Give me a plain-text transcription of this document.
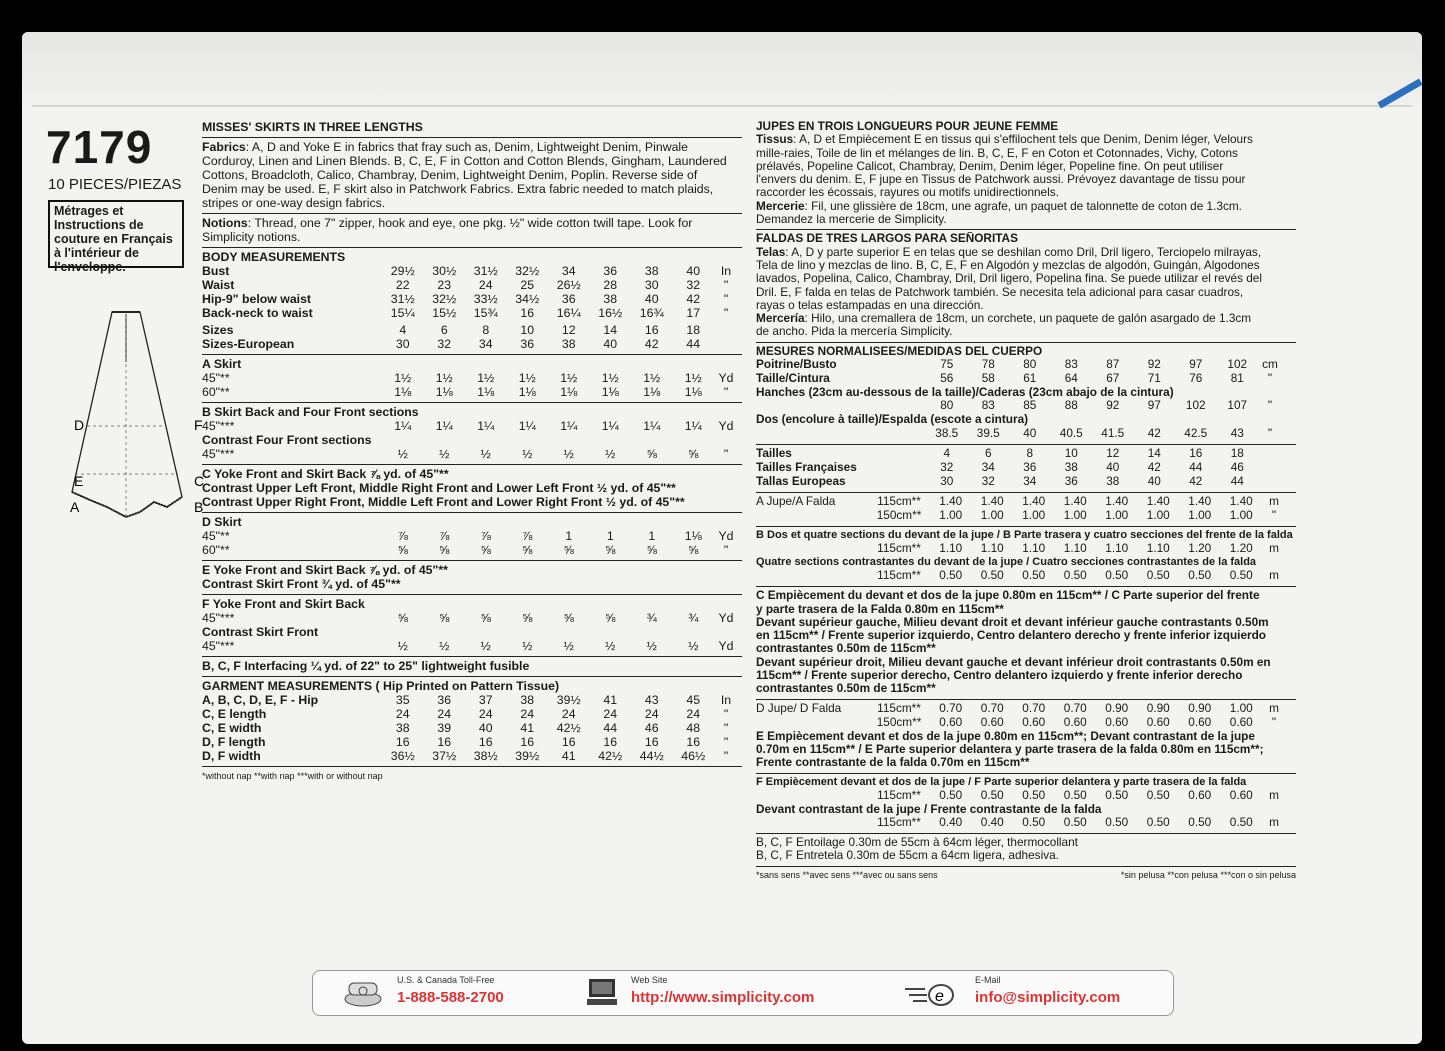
7179
10 PIECES/PIEZAS
Métrages et Instructions de couture en Français à l'intérieur de l'enveloppe.
D	F
E	C
A	B
MISSES' SKIRTS IN THREE LENGTHS
Fabrics: A, D and Yoke E in fabrics that fray such as, Denim, Lightweight Denim, Pinwale
Corduroy, Linen and Linen Blends. B, C, E, F in Cotton and Cotton Blends, Gingham, Laundered
Cottons, Broadcloth, Calico, Chambray, Denim, Lightweight Denim, Poplin. Reverse side of
Denim may be used. E, F skirt also in Patchwork Fabrics. Extra fabric needed to match plaids,
stripes or one-way design fabrics.
Notions: Thread, one 7" zipper, hook and eye, one pkg. ½" wide cotton twill tape. Look for
Simplicity notions.
BODY MEASUREMENTS
Bust	29½	30½	31½	32½	34	36	38	40	In
Waist	22	23	24	25	26½	28	30	32	"
Hip-9" below waist	31½	32½	33½	34½	36	38	40	42	"
Back-neck to waist	15¼	15½	15¾	16	16¼	16½	16¾	17	"
Sizes	4	6	8	10	12	14	16	18
Sizes-European	30	32	34	36	38	40	42	44
A Skirt
45"**	1½	1½	1½	1½	1½	1½	1½	1½	Yd
60"**	1⅛	1⅛	1⅛	1⅛	1⅛	1⅛	1⅛	1⅛	"
B Skirt Back and Four Front sections
45"***	1¼	1¼	1¼	1¼	1¼	1¼	1¼	1¼	Yd
Contrast Four Front sections
45"***	½	½	½	½	½	½	⅝	⅝	"
C Yoke Front and Skirt Back ⅞ yd. of 45"**
Contrast Upper Left Front, Middle Right Front and Lower Left Front ½ yd. of 45"**
Contrast Upper Right Front, Middle Left Front and Lower Right Front ½ yd. of 45"**
D Skirt
45"**	⅞	⅞	⅞	⅞	1	1	1	1⅛	Yd
60"**	⅝	⅝	⅝	⅝	⅝	⅝	⅝	⅝	"
E Yoke Front and Skirt Back ⅞ yd. of 45"**
Contrast Skirt Front ¾ yd. of 45"**
F Yoke Front and Skirt Back
45"***	⅝	⅝	⅝	⅝	⅝	⅝	¾	¾	Yd
Contrast Skirt Front
45"***	½	½	½	½	½	½	½	½	Yd
B, C, F Interfacing ¼ yd. of 22" to 25" lightweight fusible
GARMENT MEASUREMENTS ( Hip Printed on Pattern Tissue)
A, B, C, D, E, F - Hip	35	36	37	38	39½	41	43	45	In
C, E length	24	24	24	24	24	24	24	24	"
C, E width	38	39	40	41	42½	44	46	48	"
D, F length	16	16	16	16	16	16	16	16	"
D, F width	36½	37½	38½	39½	41	42½	44½	46½	"
*without nap **with nap ***with or without nap
JUPES EN TROIS LONGUEURS POUR JEUNE FEMME
Tissus: A, D et Empiècement E en tissus qui s'effilochent tels que Denim, Denim léger, Velours
mille-raies, Toile de lin et mélanges de lin. B, C, E, F en Coton et Cotonnades, Vichy, Cotons
prélavés, Popeline Calicot, Chambray, Denim, Denim léger, Popeline fine. On peut utiliser
l'envers du denim. E, F jupe en Tissus de Patchwork aussi. Prévoyez davantage de tissu pour
raccorder les écossais, rayures ou motifs unidirectionnels.
Mercerie: Fil, une glissière de 18cm, une agrafe, un paquet de talonnette de coton de 1.3cm.
Demandez la mercerie de Simplicity.
FALDAS DE TRES LARGOS PARA SEÑORITAS
Telas: A, D y parte superior E en telas que se deshilan como Dril, Dril ligero, Terciopelo milrayas,
Tela de lino y mezclas de lino. B, C, E, F en Algodón y mezclas de algodón, Guingán, Algodones
lavados, Popelina, Calico, Chambray, Dril, Dril ligero, Popelina fina. Se puede utilizar el revés del
Dril. E, F falda en telas de Patchwork también. Se necesita tela adicional para casar cuadros,
rayas o telas estampadas en una dirección.
Mercería: Hilo, una cremallera de 18cm, un corchete, un paquete de galón asargado de 1.3cm
de ancho. Pida la mercería Simplicity.
MESURES NORMALISEES/MEDIDAS DEL CUERPO
Poitrine/Busto	75	78	80	83	87	92	97	102	cm
Taille/Cintura	56	58	61	64	67	71	76	81	"
Hanches (23cm au-dessous de la taille)/Caderas (23cm abajo de la cintura)
80	83	85	88	92	97	102	107	"
Dos (encolure à taille)/Espalda (escote a cintura)
38.5	39.5	40	40.5	41.5	42	42.5	43	"
Tailles	4	6	8	10	12	14	16	18
Tailles Françaises	32	34	36	38	40	42	44	46
Tallas Europeas	30	32	34	36	38	40	42	44
A Jupe/A Falda	115cm**	1.40	1.40	1.40	1.40	1.40	1.40	1.40	1.40	m
150cm**	1.00	1.00	1.00	1.00	1.00	1.00	1.00	1.00	"
B Dos et quatre sections du devant de la jupe / B Parte trasera y cuatro secciones del frente de la falda
115cm**	1.10	1.10	1.10	1.10	1.10	1.10	1.20	1.20	m
Quatre sections contrastantes du devant de la jupe / Cuatro secciones contrastantes de la falda
115cm**	0.50	0.50	0.50	0.50	0.50	0.50	0.50	0.50	m
C Empiècement du devant et dos de la jupe 0.80m en 115cm** / C Parte superior del frente
y parte trasera de la Falda 0.80m en 115cm**
Devant supérieur gauche, Milieu devant droit et devant inférieur gauche contrastants 0.50m
en 115cm** / Frente superior izquierdo, Centro delantero derecho y frente inferior izquierdo
contrastantes 0.50m de 115cm**
Devant supérieur droit, Milieu devant gauche et devant inférieur droit contrastants 0.50m en
115cm** / Frente superior derecho, Centro delantero izquierdo y frente inferior derecho
contrastantes 0.50m de 115cm**
D Jupe/ D Falda	115cm**	0.70	0.70	0.70	0.70	0.90	0.90	0.90	1.00	m
150cm**	0.60	0.60	0.60	0.60	0.60	0.60	0.60	0.60	"
E Empiècement devant et dos de la jupe 0.80m en 115cm**; Devant contrastant de la jupe
0.70m en 115cm** / E Parte superior delantera y parte trasera de la falda 0.80m en 115cm**;
Frente contrastante de la falda 0.70m en 115cm**
F Empiècement devant et dos de la jupe / F Parte superior delantera y parte trasera de la falda
115cm**	0.50	0.50	0.50	0.50	0.50	0.50	0.60	0.60	m
Devant contrastant de la jupe / Frente contrastante de la falda
115cm**	0.40	0.40	0.50	0.50	0.50	0.50	0.50	0.50	m
B, C, F Entoilage 0.30m de 55cm à 64cm léger, thermocollant
B, C, F Entretela 0.30m de 55cm a 64cm ligera, adhesiva.
*sans sens **avec sens ***avec ou sans sens	*sin pelusa **con pelusa ***con o sin pelusa
U.S. & Canada Toll-Free
1-888-588-2700
Web Site
http://www.simplicity.com	e
E-Mail
info@simplicity.com
